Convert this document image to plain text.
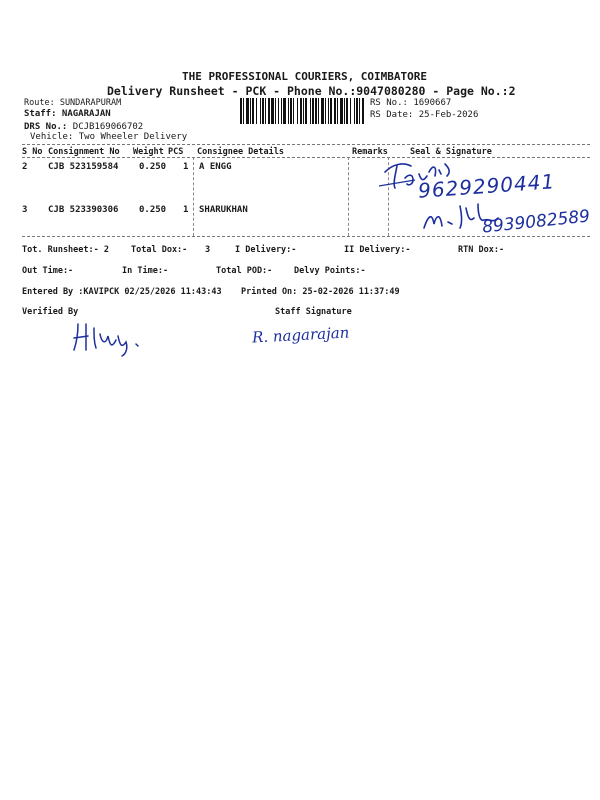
THE PROFESSIONAL COURIERS, COIMBATORE
Delivery Runsheet - PCK - Phone No.:9047080280 - Page No.:2
Route: SUNDARAPURAM
Staff: NAGARAJAN
DRS No.: DCJB169066702
Vehicle: Two Wheeler Delivery
RS No.: 1690667
RS Date: 25-Feb-2026
S No Consignment No Weight PCS Consignee Details	Remarks	Seal & Signature
2 CJB 523159584 0.250 1 A ENGG
3 CJB 523390306 0.250 1 SHARUKHAN
9629290441
8939082589
Tot. Runsheet:- 2	Total Dox:- 3	I Delivery:-	II Delivery:-	RTN Dox:-
Out Time:-	In Time:-	Total POD:-	Delvy Points:-
Entered By :KAVIPCK 02/25/2026 11:43:43 Printed On: 25-02-2026 11:37:49
Verified By	Staff Signature
R. nagarajan
